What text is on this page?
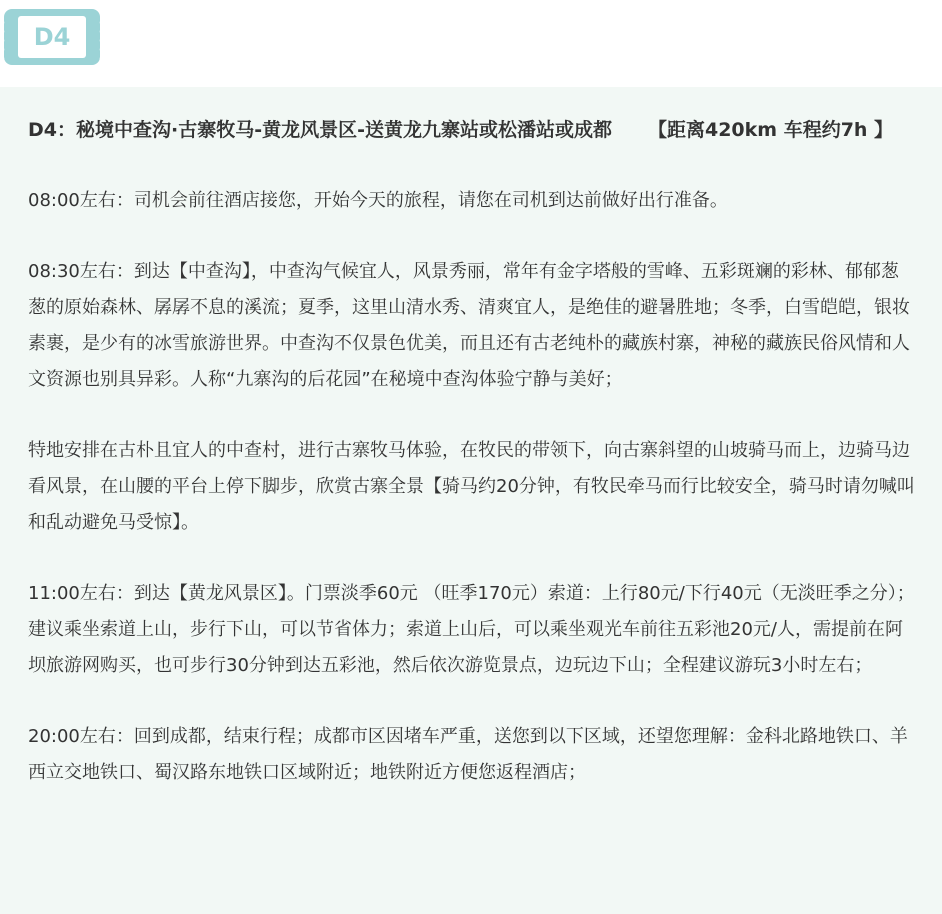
D4

D4：秘境中查沟·古寨牧马-黄龙风景区-送黄龙九寨站或松潘站或成都 【距离420km 车程约7h 】

08:00左右：司机会前往酒店接您，开始今天的旅程，请您在司机到达前做好出行准备。

08:30左右：到达【中查沟】，中查沟气候宜人，风景秀丽，常年有金字塔般的雪峰、五彩斑斓的彩林、郁郁葱葱的原始森林、孱孱不息的溪流；夏季，这里山清水秀、清爽宜人，是绝佳的避暑胜地；冬季，白雪皑皑，银妆素裹，是少有的冰雪旅游世界。中查沟不仅景色优美，而且还有古老纯朴的藏族村寨，神秘的藏族民俗风情和人文资源也别具异彩。人称“九寨沟的后花园”在秘境中查沟体验宁静与美好；

特地安排在古朴且宜人的中查村，进行古寨牧马体验，在牧民的带领下，向古寨斜望的山坡骑马而上，边骑马边看风景，在山腰的平台上停下脚步，欣赏古寨全景【骑马约20分钟，有牧民牵马而行比较安全，骑马时请勿喊叫和乱动避免马受惊】。

11:00左右：到达【黄龙风景区】。门票淡季60元 （旺季170元）索道：上行80元/下行40元（无淡旺季之分）；建议乘坐索道上山，步行下山，可以节省体力；索道上山后，可以乘坐观光车前往五彩池20元/人，需提前在阿坝旅游网购买，也可步行30分钟到达五彩池，然后依次游览景点，边玩边下山；全程建议游玩3小时左右；

20:00左右：回到成都，结束行程；成都市区因堵车严重，送您到以下区域，还望您理解：金科北路地铁口、羊西立交地铁口、蜀汉路东地铁口区域附近；地铁附近方便您返程酒店；
